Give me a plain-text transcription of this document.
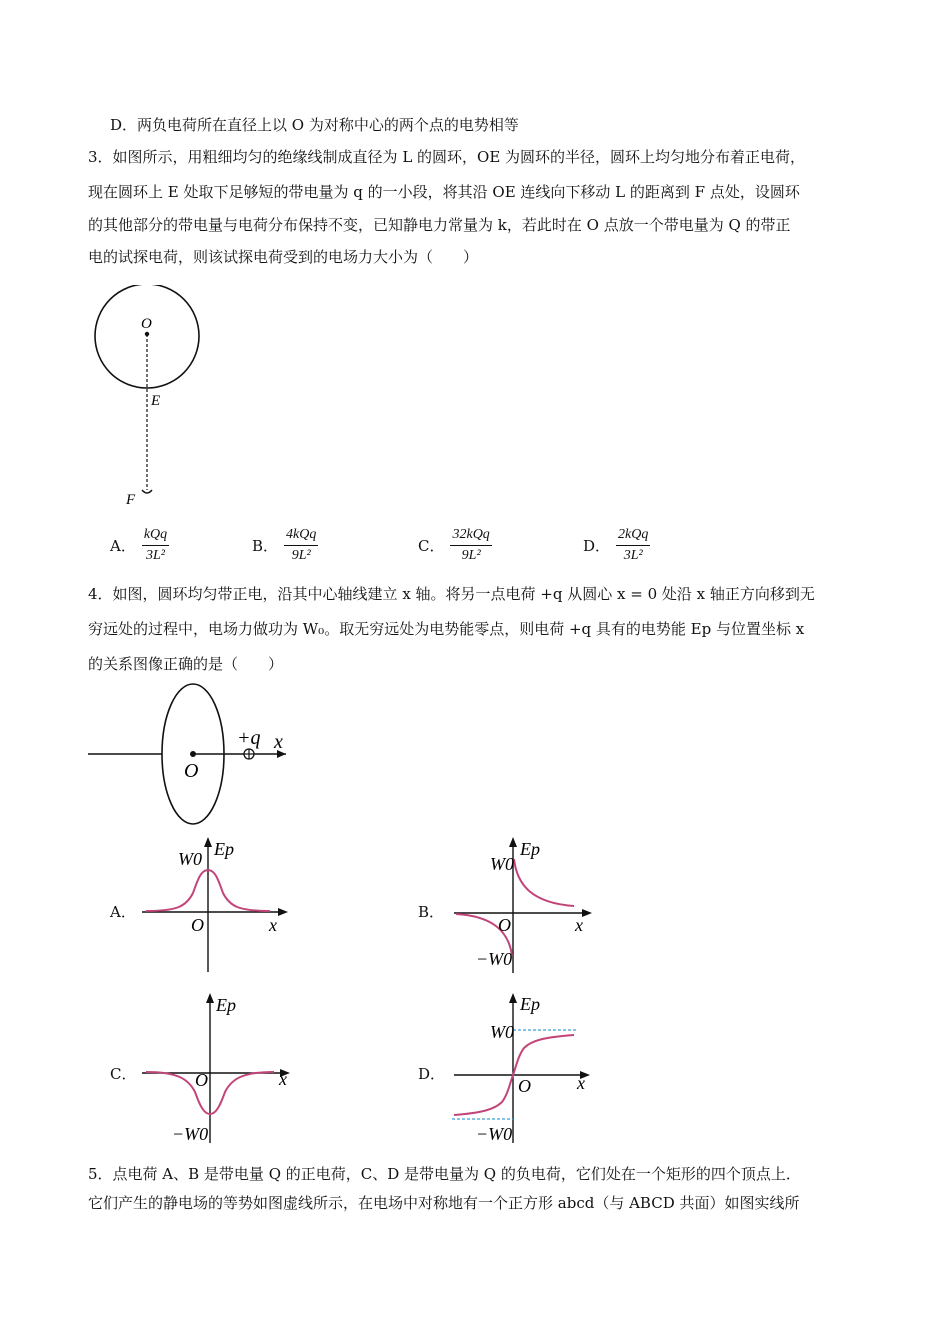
D．两负电荷所在直径上以 O 为对称中心的两个点的电势相等
3．如图所示，用粗细均匀的绝缘线制成直径为 L 的圆环，OE 为圆环的半径，圆环上均匀地分布着正电荷，
现在圆环上 E 处取下足够短的带电量为 q 的一小段，将其沿 OE 连线向下移动 L 的距离到 F 点处，设圆环
的其他部分的带电量与电荷分布保持不变，已知静电力常量为 k，若此时在 O 点放一个带电量为 Q 的带正
电的试探电荷，则该试探电荷受到的电场力大小为（　　）
O
E
F
A． $\frac{\text{kQq}}{\text{3L²}}$	B． $\frac{\text{4kQq}}{\text{9L²}}$	C． $\frac{\text{32kQq}}{\text{9L²}}$	D． $\frac{\text{2kQq}}{\text{3L²}}$
4．如图，圆环均匀带正电，沿其中心轴线建立 x 轴。将另一点电荷 +q 从圆心 x = 0 处沿 x 轴正方向移到无
穷远处的过程中，电场力做功为 W₀。取无穷远处为电势能零点，则电荷 +q 具有的电势能 Ep 与位置坐标 x
的关系图像正确的是（　　）
O
+q x
A．
W0 Ep
O	x
B．
W0
Ep
O	x
−W0
C．
Ep
O	x
−W0
D．
W0
Ep
O	x
−W0
5．点电荷 A、B 是带电量 Q 的正电荷，C、D 是带电量为 Q 的负电荷，它们处在一个矩形的四个顶点上．
它们产生的静电场的等势如图虚线所示，在电场中对称地有一个正方形 abcd（与 ABCD 共面）如图实线所
